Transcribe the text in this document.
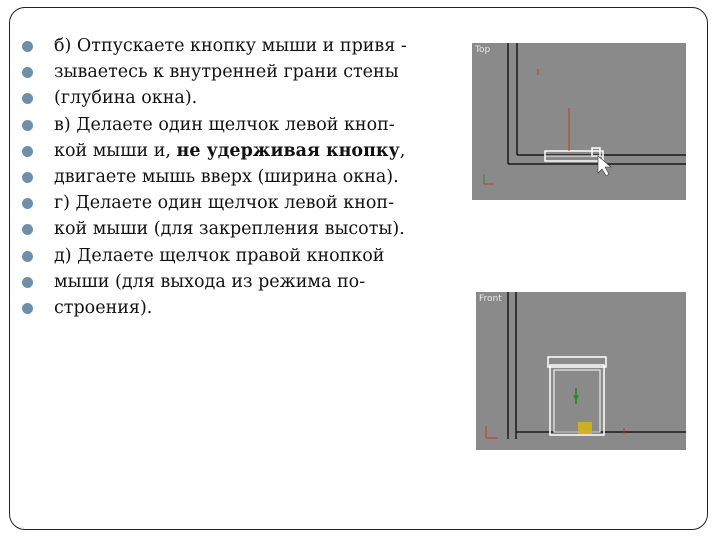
б) Отпускаете кнопку мыши и привя -
зываетесь к внутренней грани стены
(глубина окна).
в) Делаете один щелчок левой кноп-
кой мыши и, не удерживая кнопку,
двигаете мышь вверх (ширина окна).
г) Делаете один щелчок левой кноп-
кой мыши (для закрепления высоты).
д) Делаете щелчок правой кнопкой
мыши (для выхода из режима по-
строения).
Top
Front
